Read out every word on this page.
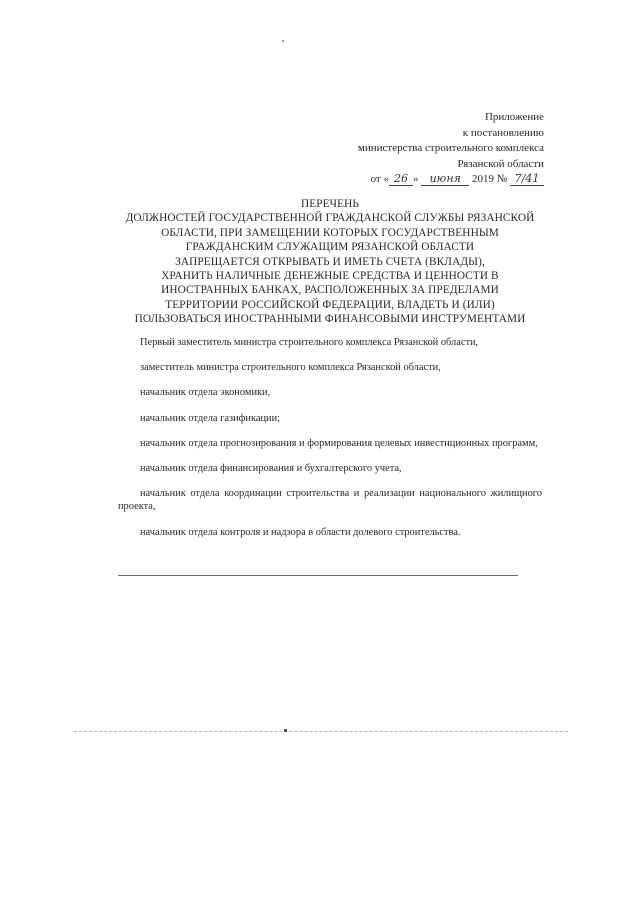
Приложение
к постановлению
министерства строительного комплекса
Рязанской области
от « 26 » июня 2019 № 7/41
ПЕРЕЧЕНЬ
ДОЛЖНОСТЕЙ ГОСУДАРСТВЕННОЙ ГРАЖДАНСКОЙ СЛУЖБЫ РЯЗАНСКОЙ
ОБЛАСТИ, ПРИ ЗАМЕЩЕНИИ КОТОРЫХ ГОСУДАРСТВЕННЫМ
ГРАЖДАНСКИМ СЛУЖАЩИМ РЯЗАНСКОЙ ОБЛАСТИ
ЗАПРЕЩАЕТСЯ ОТКРЫВАТЬ И ИМЕТЬ СЧЕТА (ВКЛАДЫ),
ХРАНИТЬ НАЛИЧНЫЕ ДЕНЕЖНЫЕ СРЕДСТВА И ЦЕННОСТИ В
ИНОСТРАННЫХ БАНКАХ, РАСПОЛОЖЕННЫХ ЗА ПРЕДЕЛАМИ
ТЕРРИТОРИИ РОССИЙСКОЙ ФЕДЕРАЦИИ, ВЛАДЕТЬ И (ИЛИ)
ПОЛЬЗОВАТЬСЯ ИНОСТРАННЫМИ ФИНАНСОВЫМИ ИНСТРУМЕНТАМИ

Первый заместитель министра строительного комплекса Рязанской области,

заместитель министра строительного комплекса Рязанской области,

начальник отдела экономики,

начальник отдела газификации;

начальник отдела прогнозирования и формирования целевых инвестиционных программ,

начальник отдела финансирования и бухгалтерского учета,

начальник отдела координации строительства и реализации национального жилищного проекта,

начальник отдела контроля и надзора в области долевого строительства.
